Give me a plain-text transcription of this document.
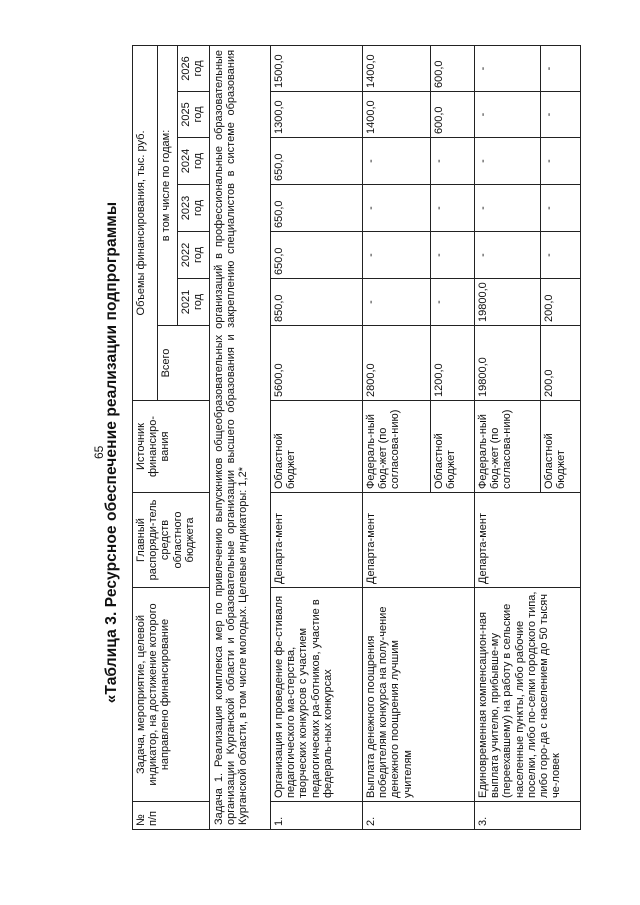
65
«Таблица 3. Ресурсное обеспечение реализации подпрограммы
№ п/п	Задача, мероприятие, целевой индикатор, на достижение которого направлено финансирование	Главный распоряди-тель средств областного бюджета	Источник финансиро-вания	Объемы финансирования, тыс. руб.						
				Всего	в том числе по годам:					
					2021 год	2022 год	2023 год	2024 год	2025 год	2026 год
Задача 1. Реализация комплекса мер по привлечению выпускников общеобразовательных организаций в профессиональные образовательные организации Курганской области и образовательные организации высшего образования и закреплению специалистов в системе образования Курганской области, в том числе молодых. Целевые индикаторы: 1,2*										
1.	Организация и проведение фе-стиваля педагогического ма-стерства, творческих конкурсов с участием педагогических ра-ботников, участие в федераль-ных конкурсах	Департа-мент	Областной бюджет	5600,0	850,0	650,0	650,0	650,0	1300,0	1500,0
2.	Выплата денежного поощрения победителям конкурса на полу-чение денежного поощрения лучшим учителям	Департа-мент	Федераль-ный бюд-жет (по согласова-нию)	2800,0	-	-	-	-	1400,0	1400,0
			Областной бюджет	1200,0	-	-	-	-	600,0	600,0
3.	Единовременная компенсацион-ная выплата учителю, прибывше-му (переехавшему) на работу в сельские населенные пункты, либо рабочие поселки, либо по-селки городского типа, либо горо-да с населением до 50 тысяч че-ловек	Департа-мент	Федераль-ный бюд-жет (по согласова-нию)	19800,0	19800,0	-	-	-	-	-
			Областной бюджет	200,0	200,0	-	-	-	-	-
